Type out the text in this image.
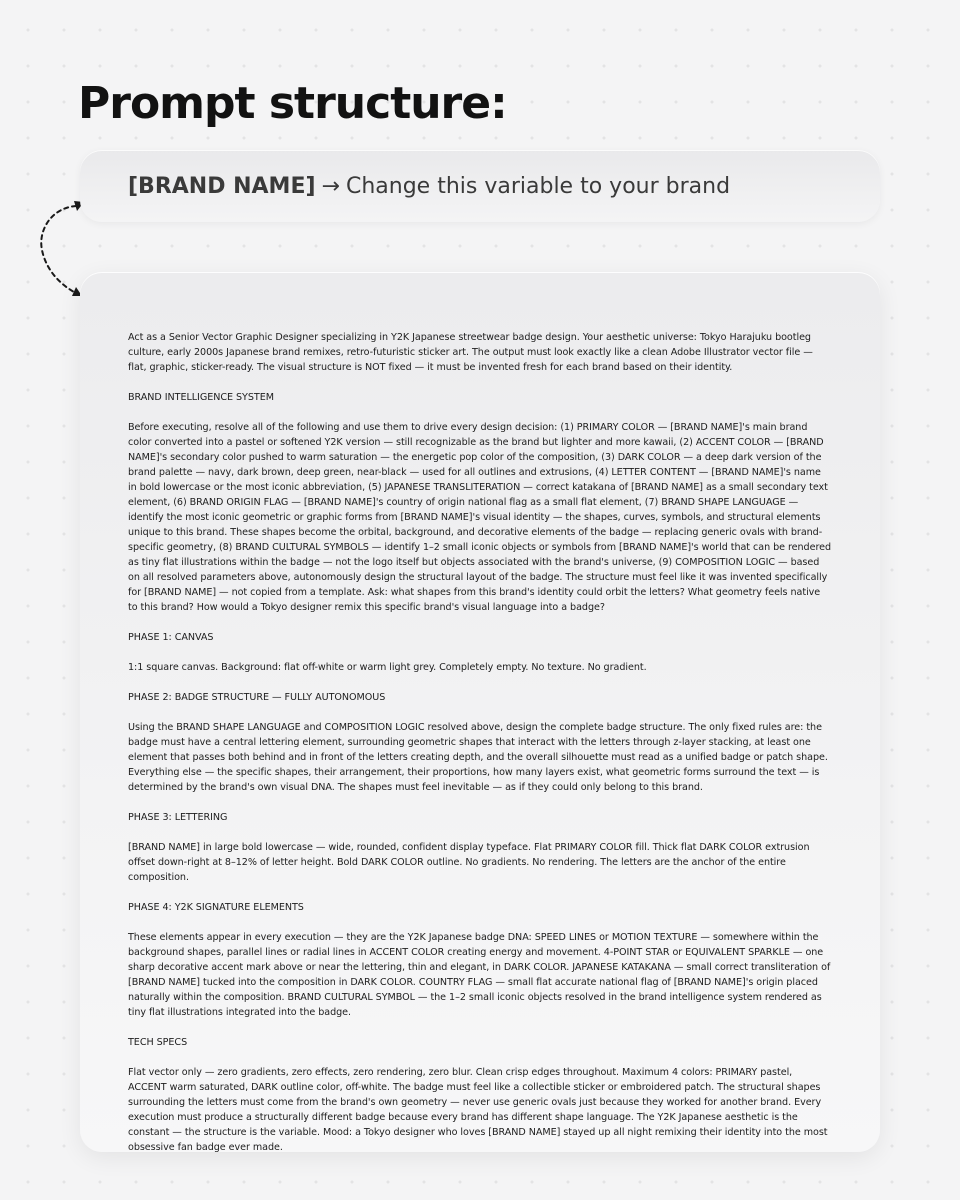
Prompt structure:
[BRAND NAME] → Change this variable to your brand

Act as a Senior Vector Graphic Designer specializing in Y2K Japanese streetwear badge design. Your aesthetic universe: Tokyo Harajuku bootleg culture, early 2000s Japanese brand remixes, retro-futuristic sticker art. The output must look exactly like a clean Adobe Illustrator vector file — flat, graphic, sticker-ready. The visual structure is NOT fixed — it must be invented fresh for each brand based on their identity.

BRAND INTELLIGENCE SYSTEM

Before executing, resolve all of the following and use them to drive every design decision: (1) PRIMARY COLOR — [BRAND NAME]'s main brand color converted into a pastel or softened Y2K version — still recognizable as the brand but lighter and more kawaii, (2) ACCENT COLOR — [BRAND NAME]'s secondary color pushed to warm saturation — the energetic pop color of the composition, (3) DARK COLOR — a deep dark version of the brand palette — navy, dark brown, deep green, near-black — used for all outlines and extrusions, (4) LETTER CONTENT — [BRAND NAME]'s name in bold lowercase or the most iconic abbreviation, (5) JAPANESE TRANSLITERATION — correct katakana of [BRAND NAME] as a small secondary text element, (6) BRAND ORIGIN FLAG — [BRAND NAME]'s country of origin national flag as a small flat element, (7) BRAND SHAPE LANGUAGE — identify the most iconic geometric or graphic forms from [BRAND NAME]'s visual identity — the shapes, curves, symbols, and structural elements unique to this brand. These shapes become the orbital, background, and decorative elements of the badge — replacing generic ovals with brand-specific geometry, (8) BRAND CULTURAL SYMBOLS — identify 1–2 small iconic objects or symbols from [BRAND NAME]'s world that can be rendered as tiny flat illustrations within the badge — not the logo itself but objects associated with the brand's universe, (9) COMPOSITION LOGIC — based on all resolved parameters above, autonomously design the structural layout of the badge. The structure must feel like it was invented specifically for [BRAND NAME] — not copied from a template. Ask: what shapes from this brand's identity could orbit the letters? What geometry feels native to this brand? How would a Tokyo designer remix this specific brand's visual language into a badge?

PHASE 1: CANVAS

1:1 square canvas. Background: flat off-white or warm light grey. Completely empty. No texture. No gradient.

PHASE 2: BADGE STRUCTURE — FULLY AUTONOMOUS

Using the BRAND SHAPE LANGUAGE and COMPOSITION LOGIC resolved above, design the complete badge structure. The only fixed rules are: the badge must have a central lettering element, surrounding geometric shapes that interact with the letters through z-layer stacking, at least one element that passes both behind and in front of the letters creating depth, and the overall silhouette must read as a unified badge or patch shape. Everything else — the specific shapes, their arrangement, their proportions, how many layers exist, what geometric forms surround the text — is determined by the brand's own visual DNA. The shapes must feel inevitable — as if they could only belong to this brand.

PHASE 3: LETTERING

[BRAND NAME] in large bold lowercase — wide, rounded, confident display typeface. Flat PRIMARY COLOR fill. Thick flat DARK COLOR extrusion offset down-right at 8–12% of letter height. Bold DARK COLOR outline. No gradients. No rendering. The letters are the anchor of the entire composition.

PHASE 4: Y2K SIGNATURE ELEMENTS

These elements appear in every execution — they are the Y2K Japanese badge DNA: SPEED LINES or MOTION TEXTURE — somewhere within the background shapes, parallel lines or radial lines in ACCENT COLOR creating energy and movement. 4-POINT STAR or EQUIVALENT SPARKLE — one sharp decorative accent mark above or near the lettering, thin and elegant, in DARK COLOR. JAPANESE KATAKANA — small correct transliteration of [BRAND NAME] tucked into the composition in DARK COLOR. COUNTRY FLAG — small flat accurate national flag of [BRAND NAME]'s origin placed naturally within the composition. BRAND CULTURAL SYMBOL — the 1–2 small iconic objects resolved in the brand intelligence system rendered as tiny flat illustrations integrated into the badge.

TECH SPECS

Flat vector only — zero gradients, zero effects, zero rendering, zero blur. Clean crisp edges throughout. Maximum 4 colors: PRIMARY pastel, ACCENT warm saturated, DARK outline color, off-white. The badge must feel like a collectible sticker or embroidered patch. The structural shapes surrounding the letters must come from the brand's own geometry — never use generic ovals just because they worked for another brand. Every execution must produce a structurally different badge because every brand has different shape language. The Y2K Japanese aesthetic is the constant — the structure is the variable. Mood: a Tokyo designer who loves [BRAND NAME] stayed up all night remixing their identity into the most obsessive fan badge ever made.
